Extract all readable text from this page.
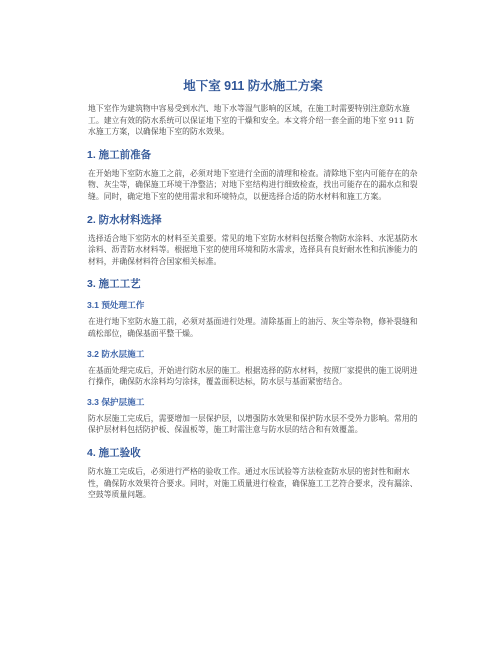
地下室 911 防水施工方案

地下室作为建筑物中容易受到水汽、地下水等湿气影响的区域，在施工时需要特别注意防水施工。建立有效的防水系统可以保证地下室的干燥和安全。本文将介绍一套全面的地下室 911 防水施工方案，以确保地下室的防水效果。

1. 施工前准备

在开始地下室防水施工之前，必须对地下室进行全面的清理和检查。清除地下室内可能存在的杂物、灰尘等，确保施工环境干净整洁；对地下室结构进行细致检查，找出可能存在的漏水点和裂缝。同时，确定地下室的使用需求和环境特点，以便选择合适的防水材料和施工方案。

2. 防水材料选择

选择适合地下室防水的材料至关重要。常见的地下室防水材料包括聚合物防水涂料、水泥基防水涂料、沥青防水材料等。根据地下室的使用环境和防水需求，选择具有良好耐水性和抗渗能力的材料，并确保材料符合国家相关标准。

3. 施工工艺
3.1 预处理工作

在进行地下室防水施工前，必须对基面进行处理。清除基面上的油污、灰尘等杂物，修补裂缝和疏松部位，确保基面平整干燥。

3.2 防水层施工

在基面处理完成后，开始进行防水层的施工。根据选择的防水材料，按照厂家提供的施工说明进行操作，确保防水涂料均匀涂抹，覆盖面积达标，防水层与基面紧密结合。

3.3 保护层施工

防水层施工完成后，需要增加一层保护层，以增强防水效果和保护防水层不受外力影响。常用的保护层材料包括防护板、保温板等，施工时需注意与防水层的结合和有效覆盖。

4. 施工验收

防水施工完成后，必须进行严格的验收工作。通过水压试验等方法检查防水层的密封性和耐水性，确保防水效果符合要求。同时，对施工质量进行检查，确保施工工艺符合要求，没有漏涂、空鼓等质量问题。
